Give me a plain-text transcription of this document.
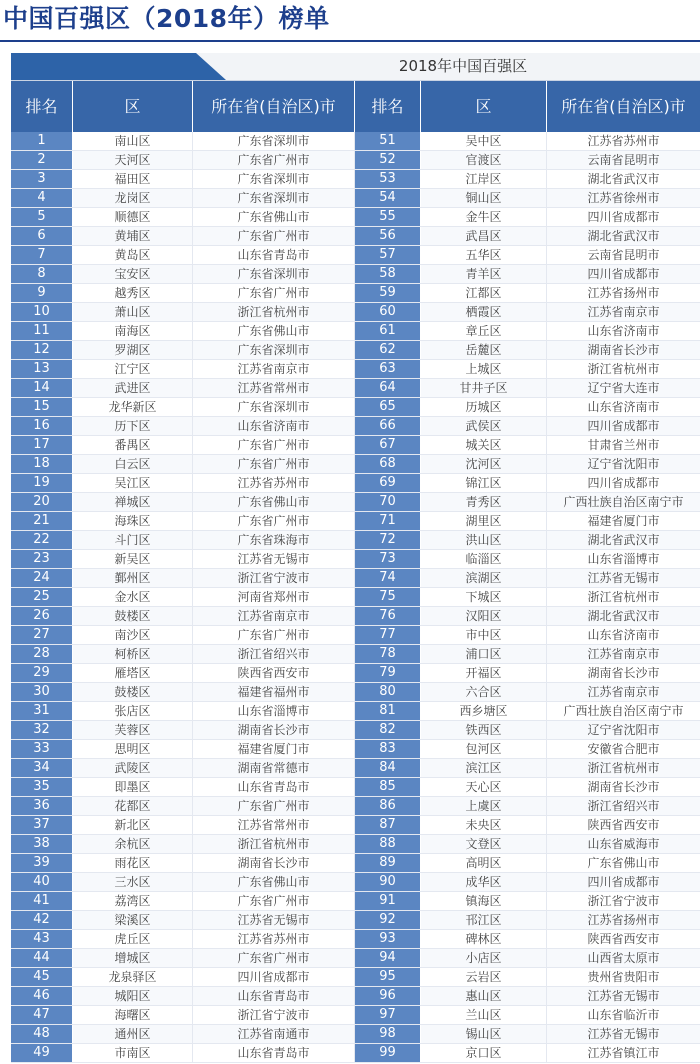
中国百强区（2018年）榜单
2018年中国百强区
排名	区	所在省(自治区)市	排名	区	所在省(自治区)市
1	南山区	广东省深圳市	51	吴中区	江苏省苏州市
2	天河区	广东省广州市	52	官渡区	云南省昆明市
3	福田区	广东省深圳市	53	江岸区	湖北省武汉市
4	龙岗区	广东省深圳市	54	铜山区	江苏省徐州市
5	顺德区	广东省佛山市	55	金牛区	四川省成都市
6	黄埔区	广东省广州市	56	武昌区	湖北省武汉市
7	黄岛区	山东省青岛市	57	五华区	云南省昆明市
8	宝安区	广东省深圳市	58	青羊区	四川省成都市
9	越秀区	广东省广州市	59	江都区	江苏省扬州市
10	萧山区	浙江省杭州市	60	栖霞区	江苏省南京市
11	南海区	广东省佛山市	61	章丘区	山东省济南市
12	罗湖区	广东省深圳市	62	岳麓区	湖南省长沙市
13	江宁区	江苏省南京市	63	上城区	浙江省杭州市
14	武进区	江苏省常州市	64	甘井子区	辽宁省大连市
15	龙华新区	广东省深圳市	65	历城区	山东省济南市
16	历下区	山东省济南市	66	武侯区	四川省成都市
17	番禺区	广东省广州市	67	城关区	甘肃省兰州市
18	白云区	广东省广州市	68	沈河区	辽宁省沈阳市
19	吴江区	江苏省苏州市	69	锦江区	四川省成都市
20	禅城区	广东省佛山市	70	青秀区	广西壮族自治区南宁市
21	海珠区	广东省广州市	71	湖里区	福建省厦门市
22	斗门区	广东省珠海市	72	洪山区	湖北省武汉市
23	新吴区	江苏省无锡市	73	临淄区	山东省淄博市
24	鄞州区	浙江省宁波市	74	滨湖区	江苏省无锡市
25	金水区	河南省郑州市	75	下城区	浙江省杭州市
26	鼓楼区	江苏省南京市	76	汉阳区	湖北省武汉市
27	南沙区	广东省广州市	77	市中区	山东省济南市
28	柯桥区	浙江省绍兴市	78	浦口区	江苏省南京市
29	雁塔区	陕西省西安市	79	开福区	湖南省长沙市
30	鼓楼区	福建省福州市	80	六合区	江苏省南京市
31	张店区	山东省淄博市	81	西乡塘区	广西壮族自治区南宁市
32	芙蓉区	湖南省长沙市	82	铁西区	辽宁省沈阳市
33	思明区	福建省厦门市	83	包河区	安徽省合肥市
34	武陵区	湖南省常德市	84	滨江区	浙江省杭州市
35	即墨区	山东省青岛市	85	天心区	湖南省长沙市
36	花都区	广东省广州市	86	上虞区	浙江省绍兴市
37	新北区	江苏省常州市	87	未央区	陕西省西安市
38	余杭区	浙江省杭州市	88	文登区	山东省威海市
39	雨花区	湖南省长沙市	89	高明区	广东省佛山市
40	三水区	广东省佛山市	90	成华区	四川省成都市
41	荔湾区	广东省广州市	91	镇海区	浙江省宁波市
42	梁溪区	江苏省无锡市	92	邗江区	江苏省扬州市
43	虎丘区	江苏省苏州市	93	碑林区	陕西省西安市
44	增城区	广东省广州市	94	小店区	山西省太原市
45	龙泉驿区	四川省成都市	95	云岩区	贵州省贵阳市
46	城阳区	山东省青岛市	96	惠山区	江苏省无锡市
47	海曙区	浙江省宁波市	97	兰山区	山东省临沂市
48	通州区	江苏省南通市	98	锡山区	江苏省无锡市
49	市南区	山东省青岛市	99	京口区	江苏省镇江市
